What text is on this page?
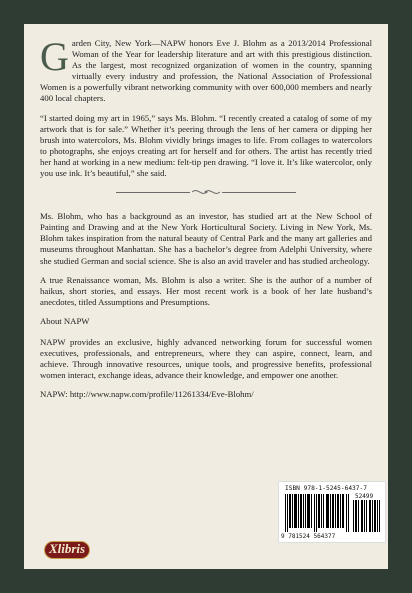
Garden City, New York—NAPW honors Eve J. Blohm as a 2013/2014 Professional Woman of the Year for leadership literature and art with this prestigious distinction. As the largest, most recognized organization of women in the country, spanning virtually every industry and profession, the National Association of Professional Women is a powerfully vibrant networking community with over 600,000 members and nearly 400 local chapters.

“I started doing my art in 1965,” says Ms. Blohm. “I recently created a catalog of some of my artwork that is for sale.” Whether it’s peering through the lens of her camera or dipping her brush into watercolors, Ms. Blohm vividly brings images to life. From collages to watercolors to photographs, she enjoys creating art for herself and for others. The artist has recently tried her hand at working in a new medium: felt-tip pen drawing. “I love it. It’s like watercolor, only you use ink. It’s beautiful,” she said.

Ms. Blohm, who has a background as an investor, has studied art at the New School of Painting and Drawing and at the New York Horticultural Society. Living in New York, Ms. Blohm takes inspiration from the natural beauty of Central Park and the many art galleries and museums throughout Manhattan. She has a bachelor’s degree from Adelphi University, where she studied German and social science. She is also an avid traveler and has studied archeology.

A true Renaissance woman, Ms. Blohm is also a writer. She is the author of a number of haikus, short stories, and essays. Her most recent work is a book of her late husband’s anecdotes, titled Assumptions and Presumptions.

About NAPW

NAPW provides an exclusive, highly advanced networking forum for successful women executives, professionals, and entrepreneurs, where they can aspire, connect, learn, and achieve. Through innovative resources, unique tools, and progressive benefits, professional women interact, exchange ideas, advance their knowledge, and empower one another.

NAPW: http://www.napw.com/profile/11261334/Eve-Blohm/

ISBN 978-1-5245-6437-7
52499
9 781524 564377
Xlibris
